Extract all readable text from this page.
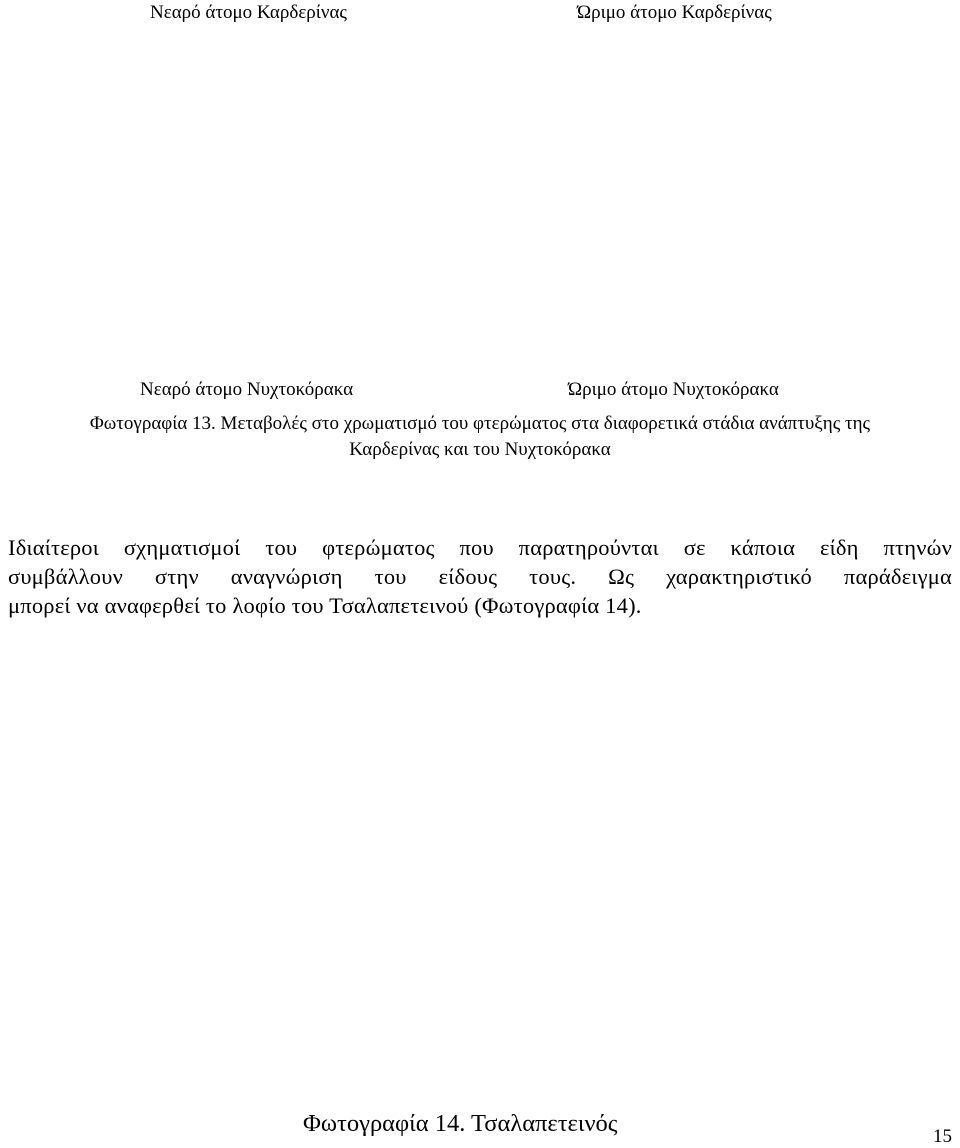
Νεαρό άτομο Καρδερίνας	Ώριμο άτομο Καρδερίνας
Νεαρό άτομο Νυχτοκόρακα	Ώριμο άτομο Νυχτοκόρακα
Φωτογραφία 13. Μεταβολές στο χρωματισμό του φτερώματος στα διαφορετικά στάδια ανάπτυξης της
Καρδερίνας και του Νυχτοκόρακα
Ιδιαίτεροι σχηματισμοί του φτερώματος που παρατηρούνται σε κάποια είδη πτηνών
συμβάλλουν στην αναγνώριση του είδους τους. Ως χαρακτηριστικό παράδειγμα
μπορεί να αναφερθεί το λοφίο του Τσαλαπετεινού (Φωτογραφία 14).
Φωτογραφία 14. Τσαλαπετεινός	15
